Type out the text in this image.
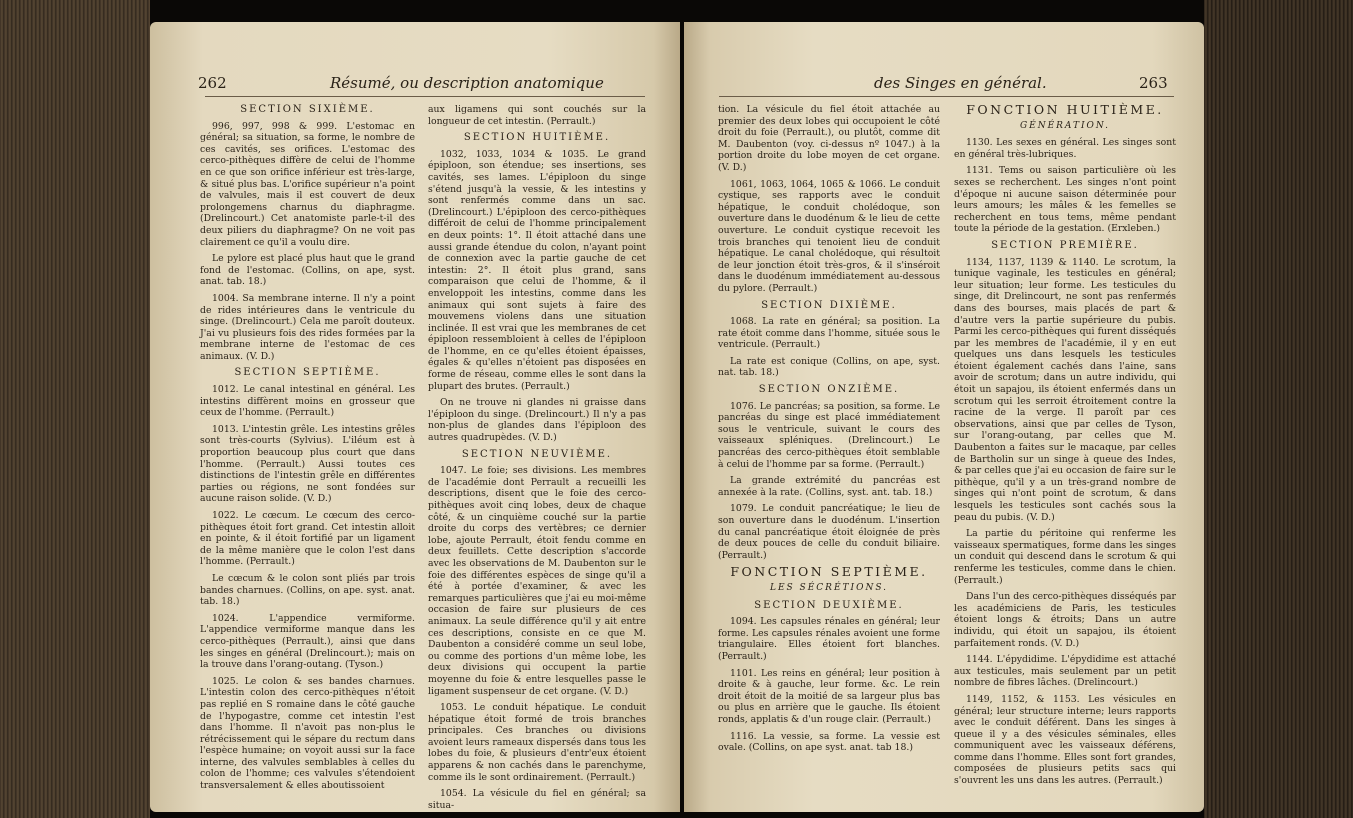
262	Résumé, ou description anatomique

SECTION SIXIÈME.

996, 997, 998 & 999. L'estomac en général; sa situation, sa forme, le nombre de ces cavités, ses orifices. L'estomac des cerco-pithèques diffère de celui de l'homme en ce que son orifice inférieur est très-large, & situé plus bas. L'orifice supérieur n'a point de valvules, mais il est couvert de deux prolongemens charnus du diaphragme. (Drelincourt.) Cet anatomiste parle-t-il des deux piliers du diaphragme? On ne voit pas clairement ce qu'il a voulu dire.

Le pylore est placé plus haut que le grand fond de l'estomac. (Collins, on ape, syst. anat. tab. 18.)

1004. Sa membrane interne. Il n'y a point de rides intérieures dans le ventricule du singe. (Drelincourt.) Cela me paroît douteux. J'ai vu plusieurs fois des rides formées par la membrane interne de l'estomac de ces animaux. (V. D.)

SECTION SEPTIÈME.

1012. Le canal intestinal en général. Les intestins diffèrent moins en grosseur que ceux de l'homme. (Perrault.)

1013. L'intestin grêle. Les intestins grêles sont très-courts (Sylvius). L'iléum est à proportion beaucoup plus court que dans l'homme. (Perrault.) Aussi toutes ces distinctions de l'intestin grêle en différentes parties ou régions, ne sont fondées sur aucune raison solide. (V. D.)

1022. Le cœcum. Le cœcum des cerco-pithèques étoit fort grand. Cet intestin alloit en pointe, & il étoit fortifié par un ligament de la même manière que le colon l'est dans l'homme. (Perrault.)

Le cœcum & le colon sont pliés par trois bandes charnues. (Collins, on ape. syst. anat. tab. 18.)

1024. L'appendice vermiforme. L'appendice vermiforme manque dans les cerco-pithèques (Perrault.), ainsi que dans les singes en général (Drelincourt.); mais on la trouve dans l'orang-outang. (Tyson.)

1025. Le colon & ses bandes charnues. L'intestin colon des cerco-pithèques n'étoit pas replié en S romaine dans le côté gauche de l'hypogastre, comme cet intestin l'est dans l'homme. Il n'avoit pas non-plus le rétrécissement qui le sépare du rectum dans l'espèce humaine; on voyoit aussi sur la face interne, des valvules semblables à celles du colon de l'homme; ces valvules s'étendoient transversalement & elles aboutissoient

aux ligamens qui sont couchés sur la longueur de cet intestin. (Perrault.)

SECTION HUITIÈME.

1032, 1033, 1034 & 1035. Le grand épiploon, son étendue; ses insertions, ses cavités, ses lames. L'épiploon du singe s'étend jusqu'à la vessie, & les intestins y sont renfermés comme dans un sac. (Drelincourt.) L'épiploon des cerco-pithèques différoit de celui de l'homme principalement en deux points: 1°. Il étoit attaché dans une aussi grande étendue du colon, n'ayant point de connexion avec la partie gauche de cet intestin: 2°. Il étoit plus grand, sans comparaison que celui de l'homme, & il enveloppoit les intestins, comme dans les animaux qui sont sujets à faire des mouvemens violens dans une situation inclinée. Il est vrai que les membranes de cet épiploon ressembloient à celles de l'épiploon de l'homme, en ce qu'elles étoient épaisses, égales & qu'elles n'étoient pas disposées en forme de réseau, comme elles le sont dans la plupart des brutes. (Perrault.)

On ne trouve ni glandes ni graisse dans l'épiploon du singe. (Drelincourt.) Il n'y a pas non-plus de glandes dans l'épiploon des autres quadrupèdes. (V. D.)

SECTION NEUVIÈME.

1047. Le foie; ses divisions. Les membres de l'académie dont Perrault a recueilli les descriptions, disent que le foie des cerco-pithèques avoit cinq lobes, deux de chaque côté, & un cinquième couché sur la partie droite du corps des vertèbres; ce dernier lobe, ajoute Perrault, étoit fendu comme en deux feuillets. Cette description s'accorde avec les observations de M. Daubenton sur le foie des différentes espèces de singe qu'il a été à portée d'examiner, & avec les remarques particulières que j'ai eu moi-même occasion de faire sur plusieurs de ces animaux. La seule différence qu'il y ait entre ces descriptions, consiste en ce que M. Daubenton a considéré comme un seul lobe, ou comme des portions d'un même lobe, les deux divisions qui occupent la partie moyenne du foie & entre lesquelles passe le ligament suspenseur de cet organe. (V. D.)

1053. Le conduit hépatique. Le conduit hépatique étoit formé de trois branches principales. Ces branches ou divisions avoient leurs rameaux dispersés dans tous les lobes du foie, & plusieurs d'entr'eux étoient apparens & non cachés dans le parenchyme, comme ils le sont ordinairement. (Perrault.)

1054. La vésicule du fiel en général; sa situa-

des Singes en général.	263

tion. La vésicule du fiel étoit attachée au premier des deux lobes qui occupoient le côté droit du foie (Perrault.), ou plutôt, comme dit M. Daubenton (voy. ci-dessus nº 1047.) à la portion droite du lobe moyen de cet organe. (V. D.)

1061, 1063, 1064, 1065 & 1066. Le conduit cystique, ses rapports avec le conduit hépatique, le conduit cholédoque, son ouverture dans le duodénum & le lieu de cette ouverture. Le conduit cystique recevoit les trois branches qui tenoient lieu de conduit hépatique. Le canal cholédoque, qui résultoit de leur jonction étoit très-gros, & il s'inséroit dans le duodénum immédiatement au-dessous du pylore. (Perrault.)

SECTION DIXIÈME.

1068. La rate en général; sa position. La rate étoit comme dans l'homme, située sous le ventricule. (Perrault.)

La rate est conique (Collins, on ape, syst. nat. tab. 18.)

SECTION ONZIÈME.

1076. Le pancréas; sa position, sa forme. Le pancréas du singe est placé immédiatement sous le ventricule, suivant le cours des vaisseaux spléniques. (Drelincourt.) Le pancréas des cerco-pithèques étoit semblable à celui de l'homme par sa forme. (Perrault.)

La grande extrémité du pancréas est annexée à la rate. (Collins, syst. ant. tab. 18.)

1079. Le conduit pancréatique; le lieu de son ouverture dans le duodénum. L'insertion du canal pancréatique étoit éloignée de près de deux pouces de celle du conduit biliaire. (Perrault.)

FONCTION SEPTIÈME.

LES SÉCRÉTIONS.

SECTION DEUXIÈME.

1094. Les capsules rénales en général; leur forme. Les capsules rénales avoient une forme triangulaire. Elles étoient fort blanches. (Perrault.)

1101. Les reins en général; leur position à droite & à gauche, leur forme. &c. Le rein droit étoit de la moitié de sa largeur plus bas ou plus en arrière que le gauche. Ils étoient ronds, applatis & d'un rouge clair. (Perrault.)

1116. La vessie, sa forme. La vessie est ovale. (Collins, on ape syst. anat. tab 18.)

FONCTION HUITIÈME.

GÉNÉRATION.

1130. Les sexes en général. Les singes sont en général très-lubriques.

1131. Tems ou saison particulière où les sexes se recherchent. Les singes n'ont point d'époque ni aucune saison déterminée pour leurs amours; les mâles & les femelles se recherchent en tous tems, même pendant toute la période de la gestation. (Erxleben.)

SECTION PREMIÈRE.

1134, 1137, 1139 & 1140. Le scrotum, la tunique vaginale, les testicules en général; leur situation; leur forme. Les testicules du singe, dit Drelincourt, ne sont pas renfermés dans des bourses, mais placés de part & d'autre vers la partie supérieure du pubis. Parmi les cerco-pithèques qui furent disséqués par les membres de l'académie, il y en eut quelques uns dans lesquels les testicules étoient également cachés dans l'aine, sans avoir de scrotum; dans un autre individu, qui étoit un sapajou, ils étoient enfermés dans un scrotum qui les serroit étroitement contre la racine de la verge. Il paroît par ces observations, ainsi que par celles de Tyson, sur l'orang-outang, par celles que M. Daubenton a faites sur le macaque, par celles de Bartholin sur un singe à queue des Indes, & par celles que j'ai eu occasion de faire sur le pithèque, qu'il y a un très-grand nombre de singes qui n'ont point de scrotum, & dans lesquels les testicules sont cachés sous la peau du pubis. (V. D.)

La partie du péritoine qui renferme les vaisseaux spermatiques, forme dans les singes un conduit qui descend dans le scrotum & qui renferme les testicules, comme dans le chien. (Perrault.)

Dans l'un des cerco-pithèques disséqués par les académiciens de Paris, les testicules étoient longs & étroits; Dans un autre individu, qui étoit un sapajou, ils étoient parfaitement ronds. (V. D.)

1144. L'épydidime. L'épydidime est attaché aux testicules, mais seulement par un petit nombre de fibres lâches. (Drelincourt.)

1149, 1152, & 1153. Les vésicules en général; leur structure interne; leurs rapports avec le conduit déférent. Dans les singes à queue il y a des vésicules séminales, elles communiquent avec les vaisseaux déférens, comme dans l'homme. Elles sont fort grandes, composées de plusieurs petits sacs qui s'ouvrent les uns dans les autres. (Perrault.)
